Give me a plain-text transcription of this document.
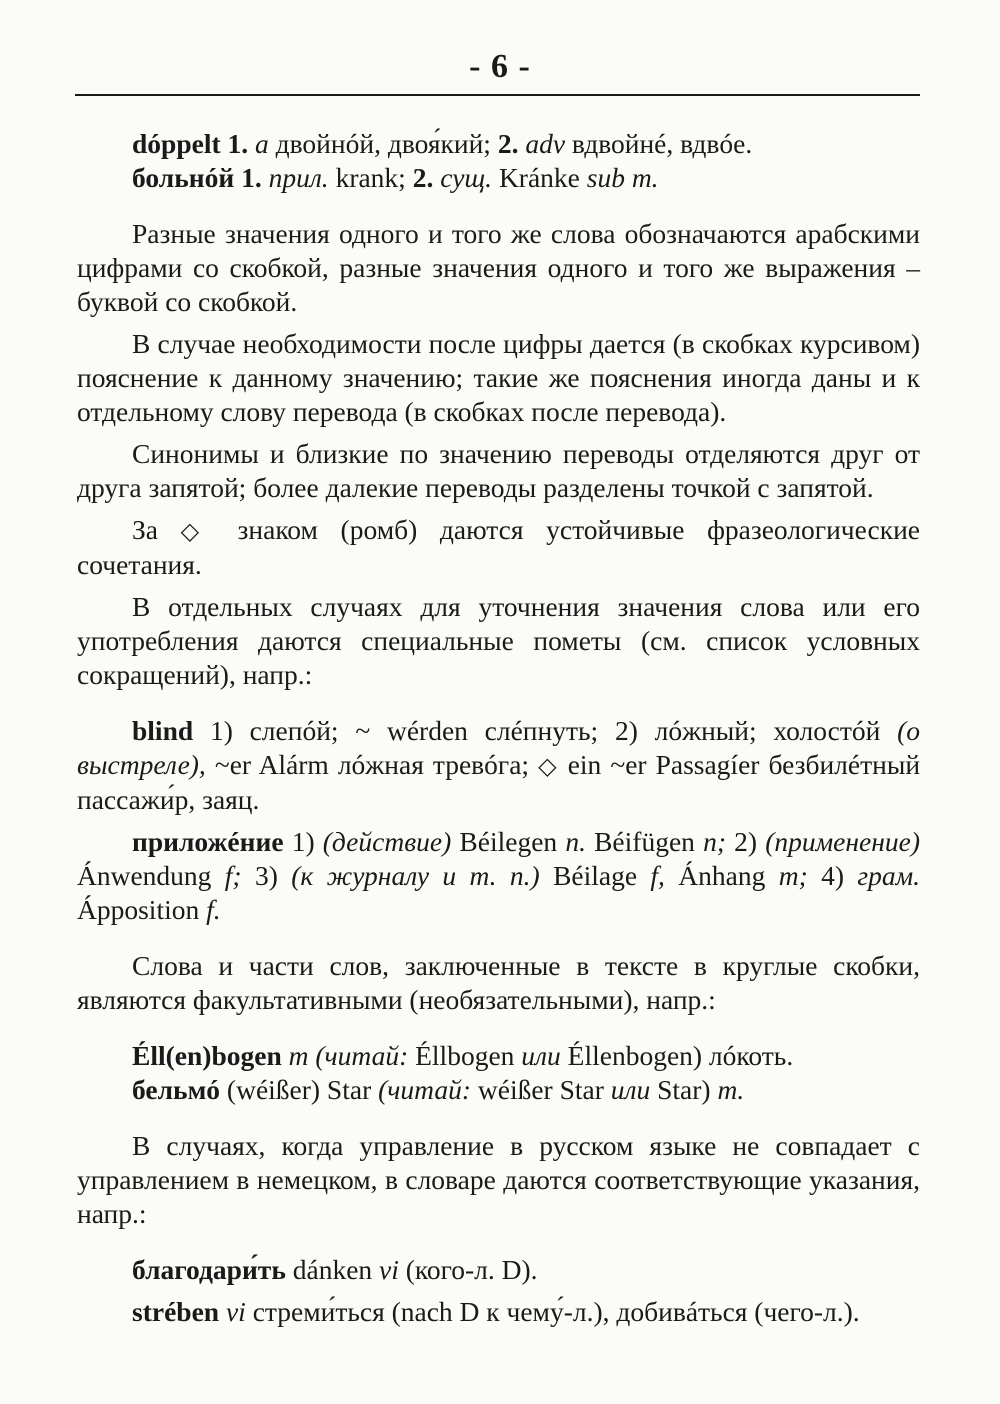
- 6 -

dóppelt 1. a двойнóй, двоя́кий; 2. adv вдвойнé, вдвóе.

больнóй 1. прил. krank; 2. сущ. Kránke sub m.

Разные значения одного и того же слова обозначаются арабскими цифрами со скобкой, разные значения одного и того же выражения – буквой со скобкой.

В случае необходимости после цифры дается (в скобках курсивом) пояснение к данному значению; такие же пояснения иногда даны и к отдельному слову перевода (в скобках после перевода).

Синонимы и близкие по значению переводы отделяются друг от друга запятой; более далекие переводы разделены точкой с запятой.

За ◇ знаком (ромб) даются устойчивые фразеологические сочетания.

В отдельных случаях для уточнения значения слова или его употребления даются специальные пометы (см. список условных сокращений), напр.:

blind 1) слепóй; ~ wérden слéпнуть; 2) лóжный; холостóй (о выстреле), ~er Alárm лóжная тревóга; ◇ ein ~er Passagíer безбилéтный пассажи́р, заяц.

приложéние 1) (действие) Béilegen n. Béifügen n; 2) (применение) Ánwendung f; 3) (к журналу и т. п.) Béilage f, Ánhang m; 4) грам. Ápposition f.

Слова и части слов, заключенные в тексте в круглые скобки, являются факультативными (необязательными), напр.:

Éll(en)bogen m (читай: Éllbogen или Éllenbogen) лóкоть.

бельмó (wéißer) Star (читай: wéißer Star или Star) m.

В случаях, когда управление в русском языке не совпадает с управлением в немецком, в словаре даются соответствующие указания, напр.:

благодари́ть dánken vi (кого-л. D).

strében vi стреми́ться (nach D к чему́-л.), добивáться (чего-л.).
